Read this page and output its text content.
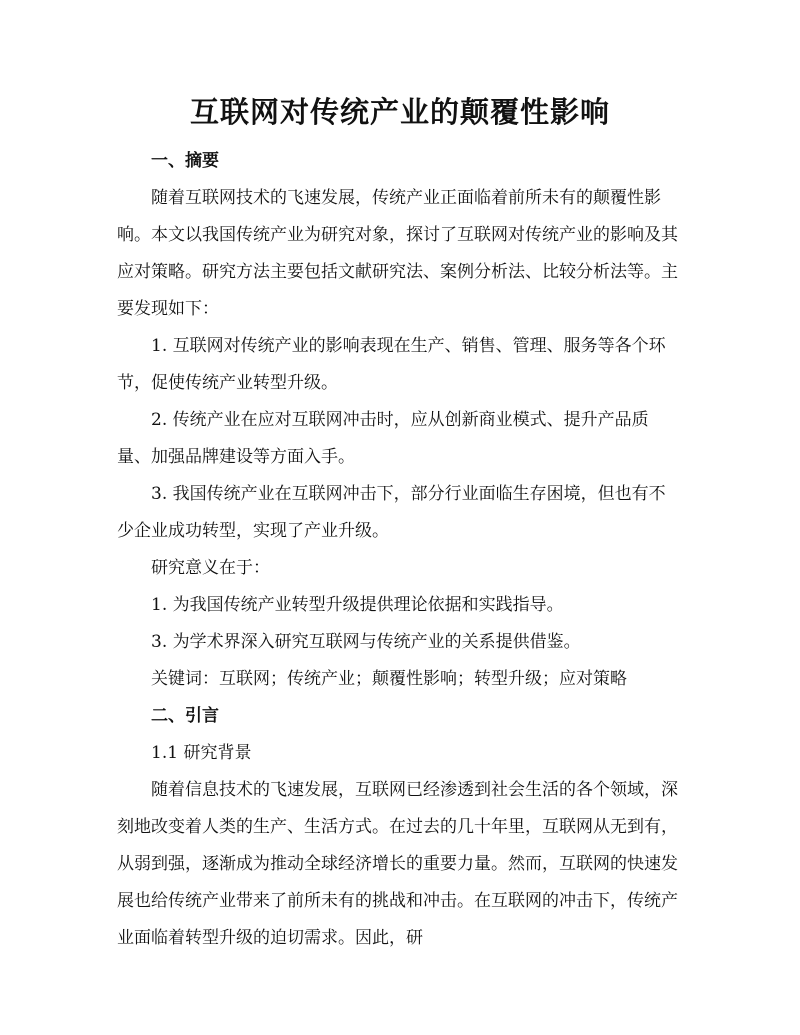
互联网对传统产业的颠覆性影响

一、摘要

随着互联网技术的飞速发展，传统产业正面临着前所未有的颠覆性影响。本文以我国传统产业为研究对象，探讨了互联网对传统产业的影响及其应对策略。研究方法主要包括文献研究法、案例分析法、比较分析法等。主要发现如下：

1. 互联网对传统产业的影响表现在生产、销售、管理、服务等各个环节，促使传统产业转型升级。

2. 传统产业在应对互联网冲击时，应从创新商业模式、提升产品质量、加强品牌建设等方面入手。

3. 我国传统产业在互联网冲击下，部分行业面临生存困境，但也有不少企业成功转型，实现了产业升级。

研究意义在于：

1. 为我国传统产业转型升级提供理论依据和实践指导。

3. 为学术界深入研究互联网与传统产业的关系提供借鉴。

关键词：互联网；传统产业；颠覆性影响；转型升级；应对策略

二、引言

1.1 研究背景

随着信息技术的飞速发展，互联网已经渗透到社会生活的各个领域，深刻地改变着人类的生产、生活方式。在过去的几十年里，互联网从无到有，从弱到强，逐渐成为推动全球经济增长的重要力量。然而，互联网的快速发展也给传统产业带来了前所未有的挑战和冲击。在互联网的冲击下，传统产业面临着转型升级的迫切需求。因此，研
